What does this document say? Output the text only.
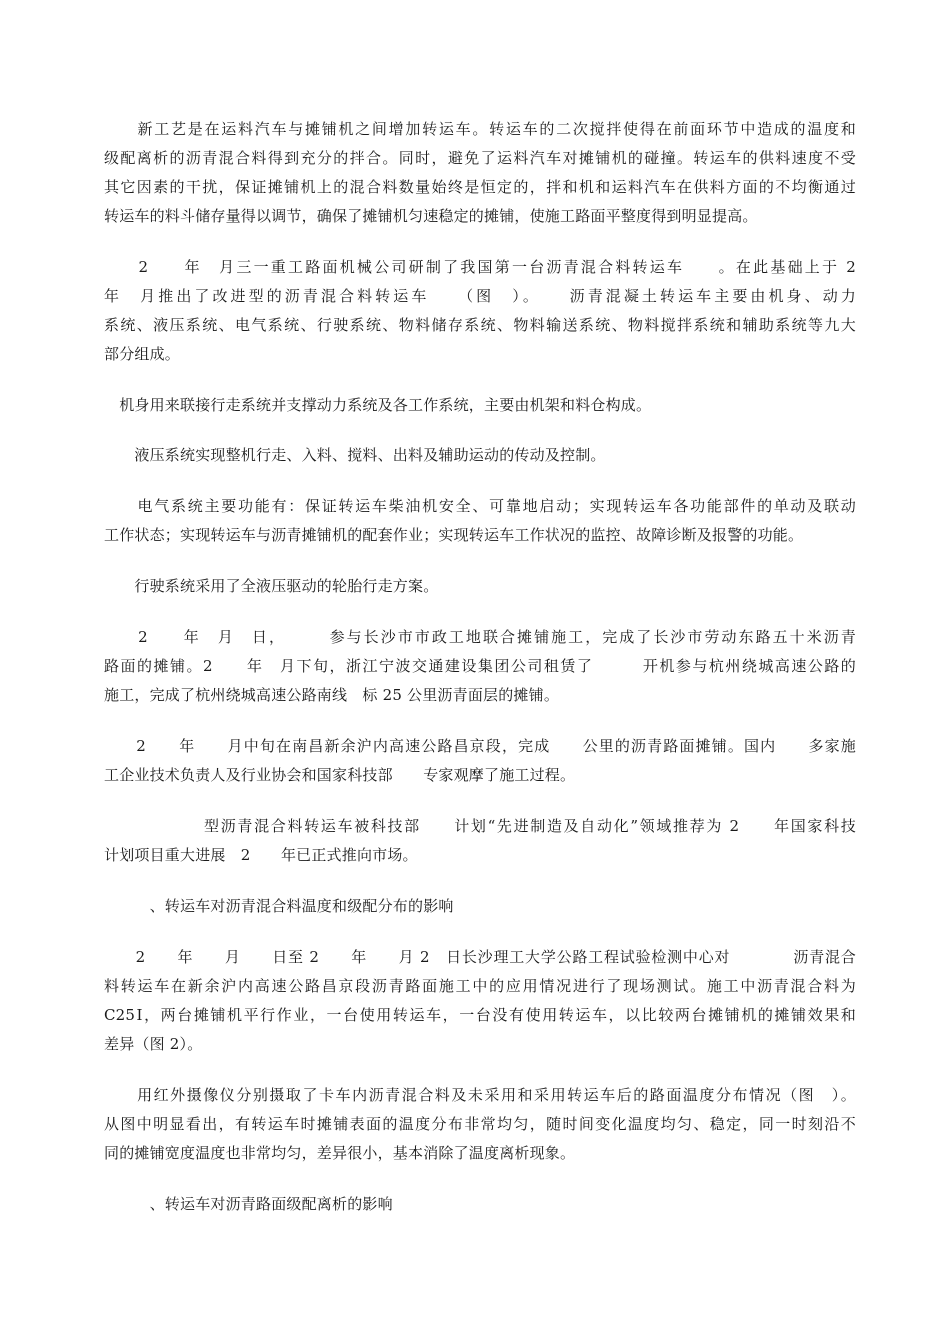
　　新工艺是在运料汽车与摊铺机之间增加转运车。转运车的二次搅拌使得在前面环节中造成的温度和
级配离析的沥青混合料得到充分的拌合。同时，避免了运料汽车对摊铺机的碰撞。转运车的供料速度不受
其它因素的干扰，保证摊铺机上的混合料数量始终是恒定的，拌和机和运料汽车在供料方面的不均衡通过
转运车的料斗储存量得以调节，确保了摊铺机匀速稳定的摊铺，使施工路面平整度得到明显提高。
　　2　　年　月三一重工路面机械公司研制了我国第一台沥青混合料转运车　　。在此基础上于 2
年　月推出了改进型的沥青混合料转运车　　（图　）。　　沥青混凝土转运车主要由机身、动力
系统、液压系统、电气系统、行驶系统、物料储存系统、物料输送系统、物料搅拌系统和辅助系统等九大
部分组成。
　机身用来联接行走系统并支撑动力系统及各工作系统，主要由机架和料仓构成。
　　液压系统实现整机行走、入料、搅料、出料及辅助运动的传动及控制。
　　电气系统主要功能有：保证转运车柴油机安全、可靠地启动；实现转运车各功能部件的单动及联动
工作状态；实现转运车与沥青摊铺机的配套作业；实现转运车工作状况的监控、故障诊断及报警的功能。
　　行驶系统采用了全液压驱动的轮胎行走方案。
　　2　　年　月　日，　　　参与长沙市市政工地联合摊铺施工，完成了长沙市劳动东路五十米沥青
路面的摊铺。2　　年　月下旬，浙江宁波交通建设集团公司租赁了　　　开机参与杭州绕城高速公路的
施工，完成了杭州绕城高速公路南线　标 25 公里沥青面层的摊铺。
　　2　　年　　月中旬在南昌新余沪内高速公路昌京段，完成　　公里的沥青路面摊铺。国内　　多家施
工企业技术负责人及行业协会和国家科技部　　专家观摩了施工过程。
　　　　　　型沥青混合料转运车被科技部　　计划“先进制造及自动化”领域推荐为 2　　年国家科技
计划项目重大进展　2　　年已正式推向市场。
　　　、转运车对沥青混合料温度和级配分布的影响
　　2　　年　　月　　日至 2　　年　　月 2　日长沙理工大学公路工程试验检测中心对　　　　沥青混合
料转运车在新余沪内高速公路昌京段沥青路面施工中的应用情况进行了现场测试。施工中沥青混合料为
C25Ⅰ，两台摊铺机平行作业，一台使用转运车，一台没有使用转运车，以比较两台摊铺机的摊铺效果和
差异（图 2）。
　　用红外摄像仪分别摄取了卡车内沥青混合料及未采用和采用转运车后的路面温度分布情况（图　）。
从图中明显看出，有转运车时摊铺表面的温度分布非常均匀，随时间变化温度均匀、稳定，同一时刻沿不
同的摊铺宽度温度也非常均匀，差异很小，基本消除了温度离析现象。
　　　、转运车对沥青路面级配离析的影响
